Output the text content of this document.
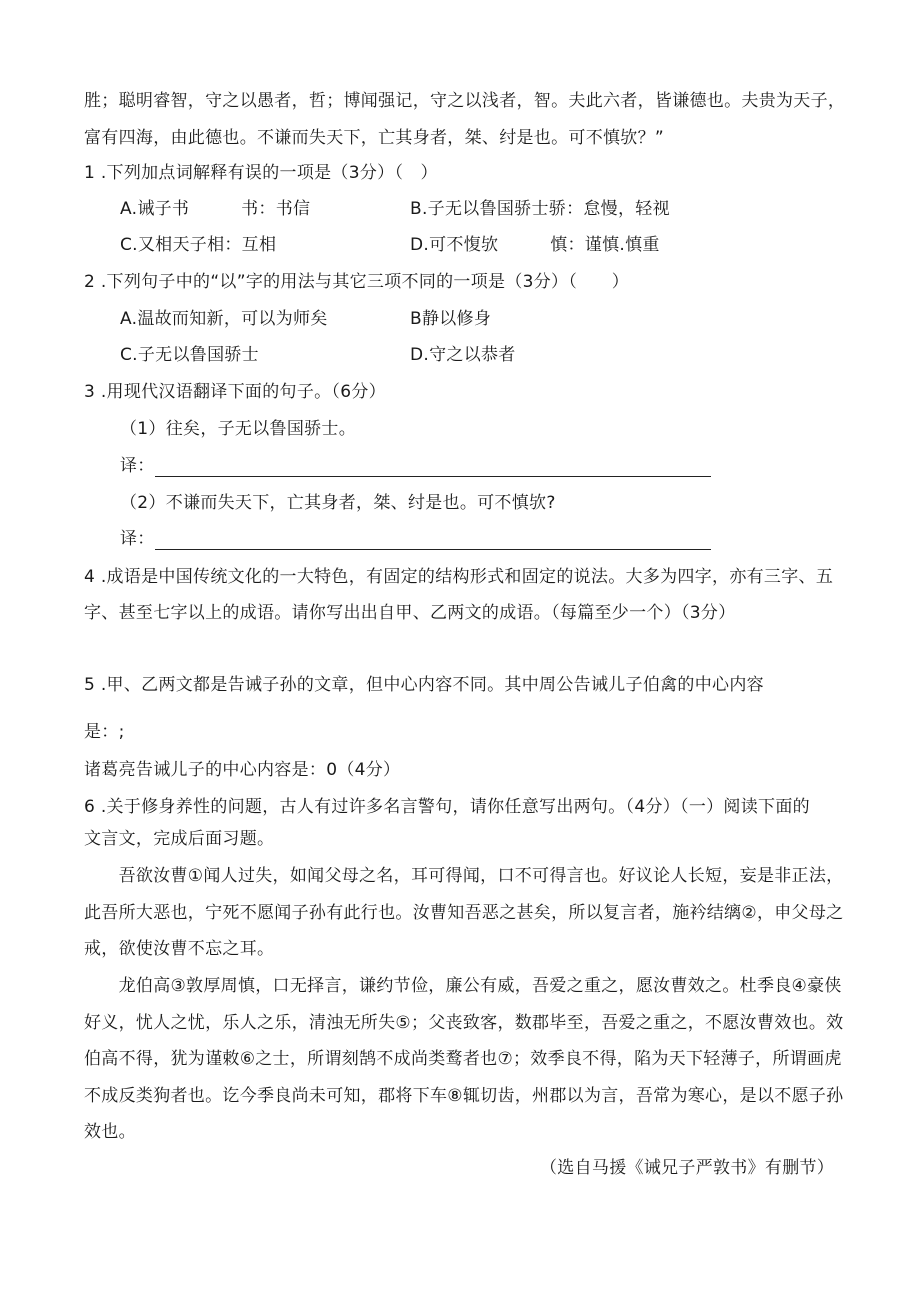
胜；聪明睿智，守之以愚者，哲；博闻强记，守之以浅者，智。夫此六者，皆谦德也。夫贵为天子，
富有四海，由此德也。不谦而失天下，亡其身者，桀、纣是也。可不慎欤？”
1 .下列加点词解释有误的一项是（3分）（　）
A.诫子书　　　书：书信	B.子无以鲁国骄士骄：怠慢，轻视
C.又相天子相：互相	D.可不愎欤　　　慎：谨慎.慎重
2 .下列句子中的“以”字的用法与其它三项不同的一项是（3分）（　　）
A.温故而知新，可以为师矣	B静以修身
C.子无以鲁国骄士	D.守之以恭者
3 .用现代汉语翻译下面的句子。（6分）
（1）往矣，子无以鲁国骄士。
译：
（2）不谦而失天下，亡其身者，桀、纣是也。可不慎欤?
译：
4 .成语是中国传统文化的一大特色，有固定的结构形式和固定的说法。大多为四字，亦有三字、五
字、甚至七字以上的成语。请你写出出自甲、乙两文的成语。（每篇至少一个）（3分）
5 .甲、乙两文都是告诫子孙的文章，但中心内容不同。其中周公告诫儿子伯禽的中心内容
是：;
诸葛亮告诫儿子的中心内容是：0（4分）
6 .关于修身养性的问题，古人有过许多名言警句，请你任意写出两句。（4分）（一）阅读下面的
文言文，完成后面习题。
　　吾欲汝曹①闻人过失，如闻父母之名，耳可得闻，口不可得言也。好议论人长短，妄是非正法，
此吾所大恶也，宁死不愿闻子孙有此行也。汝曹知吾恶之甚矣，所以复言者，施衿结缡②，申父母之
戒，欲使汝曹不忘之耳。
　　龙伯高③敦厚周慎，口无择言，谦约节俭，廉公有威，吾爱之重之，愿汝曹效之。杜季良④豪侠
好义，忧人之忧，乐人之乐，清浊无所失⑤；父丧致客，数郡毕至，吾爱之重之，不愿汝曹效也。效
伯高不得，犹为谨敕⑥之士，所谓刻鹄不成尚类鹜者也⑦；效季良不得，陷为天下轻薄子，所谓画虎
不成反类狗者也。讫今季良尚未可知，郡将下车⑧辄切齿，州郡以为言，吾常为寒心，是以不愿子孙
效也。
（选自马援《诫兄子严敦书》有删节）
